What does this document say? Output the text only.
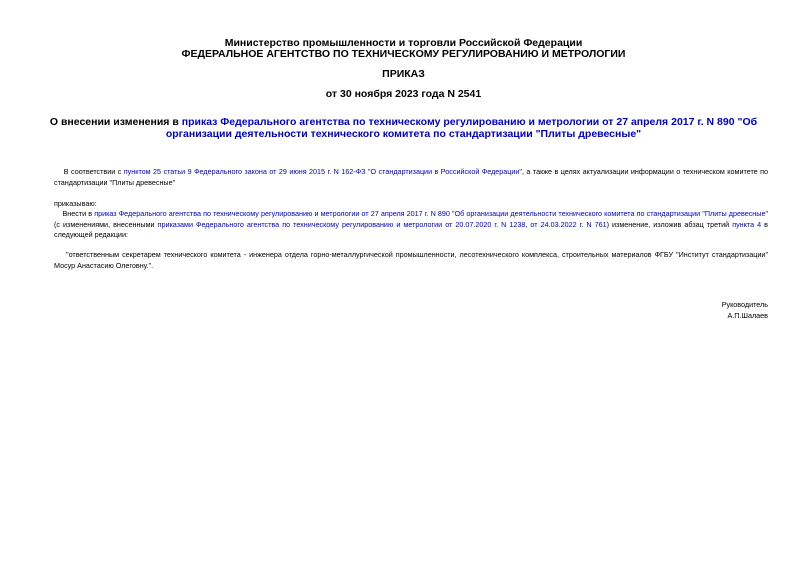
Министерство промышленности и торговли Российской Федерации
ФЕДЕРАЛЬНОЕ АГЕНТСТВО ПО ТЕХНИЧЕСКОМУ РЕГУЛИРОВАНИЮ И МЕТРОЛОГИИ
ПРИКАЗ
от 30 ноября 2023 года N 2541
О внесении изменения в приказ Федерального агентства по техническому регулированию и метрологии от 27 апреля 2017 г. N 890 "Об организации деятельности технического комитета по стандартизации "Плиты древесные"
В соответствии с пунктом 25 статьи 9 Федерального закона от 29 июня 2015 г. N 162-ФЗ "О стандартизации в Российской Федерации", а также в целях актуализации информации о техническом комитете по стандартизации "Плиты древесные"
приказываю:
Внести в приказ Федерального агентства по техническому регулированию и метрологии от 27 апреля 2017 г. N 890 "Об организации деятельности технического комитета по стандартизации "Плиты древесные" (с изменениями, внесенными приказами Федерального агентства по техническому регулированию и метрологии от 20.07.2020 г. N 1238, от 24.03.2022 г. N 761) изменение, изложив абзац третий пункта 4 в следующей редакции:
"ответственным секретарем технического комитета - инженера отдела горно-металлургической промышленности, лесотехнического комплекса, строительных материалов ФГБУ "Институт стандартизации" Мосур Анастасию Олеговну.".
Руководитель
А.П.Шалаев
